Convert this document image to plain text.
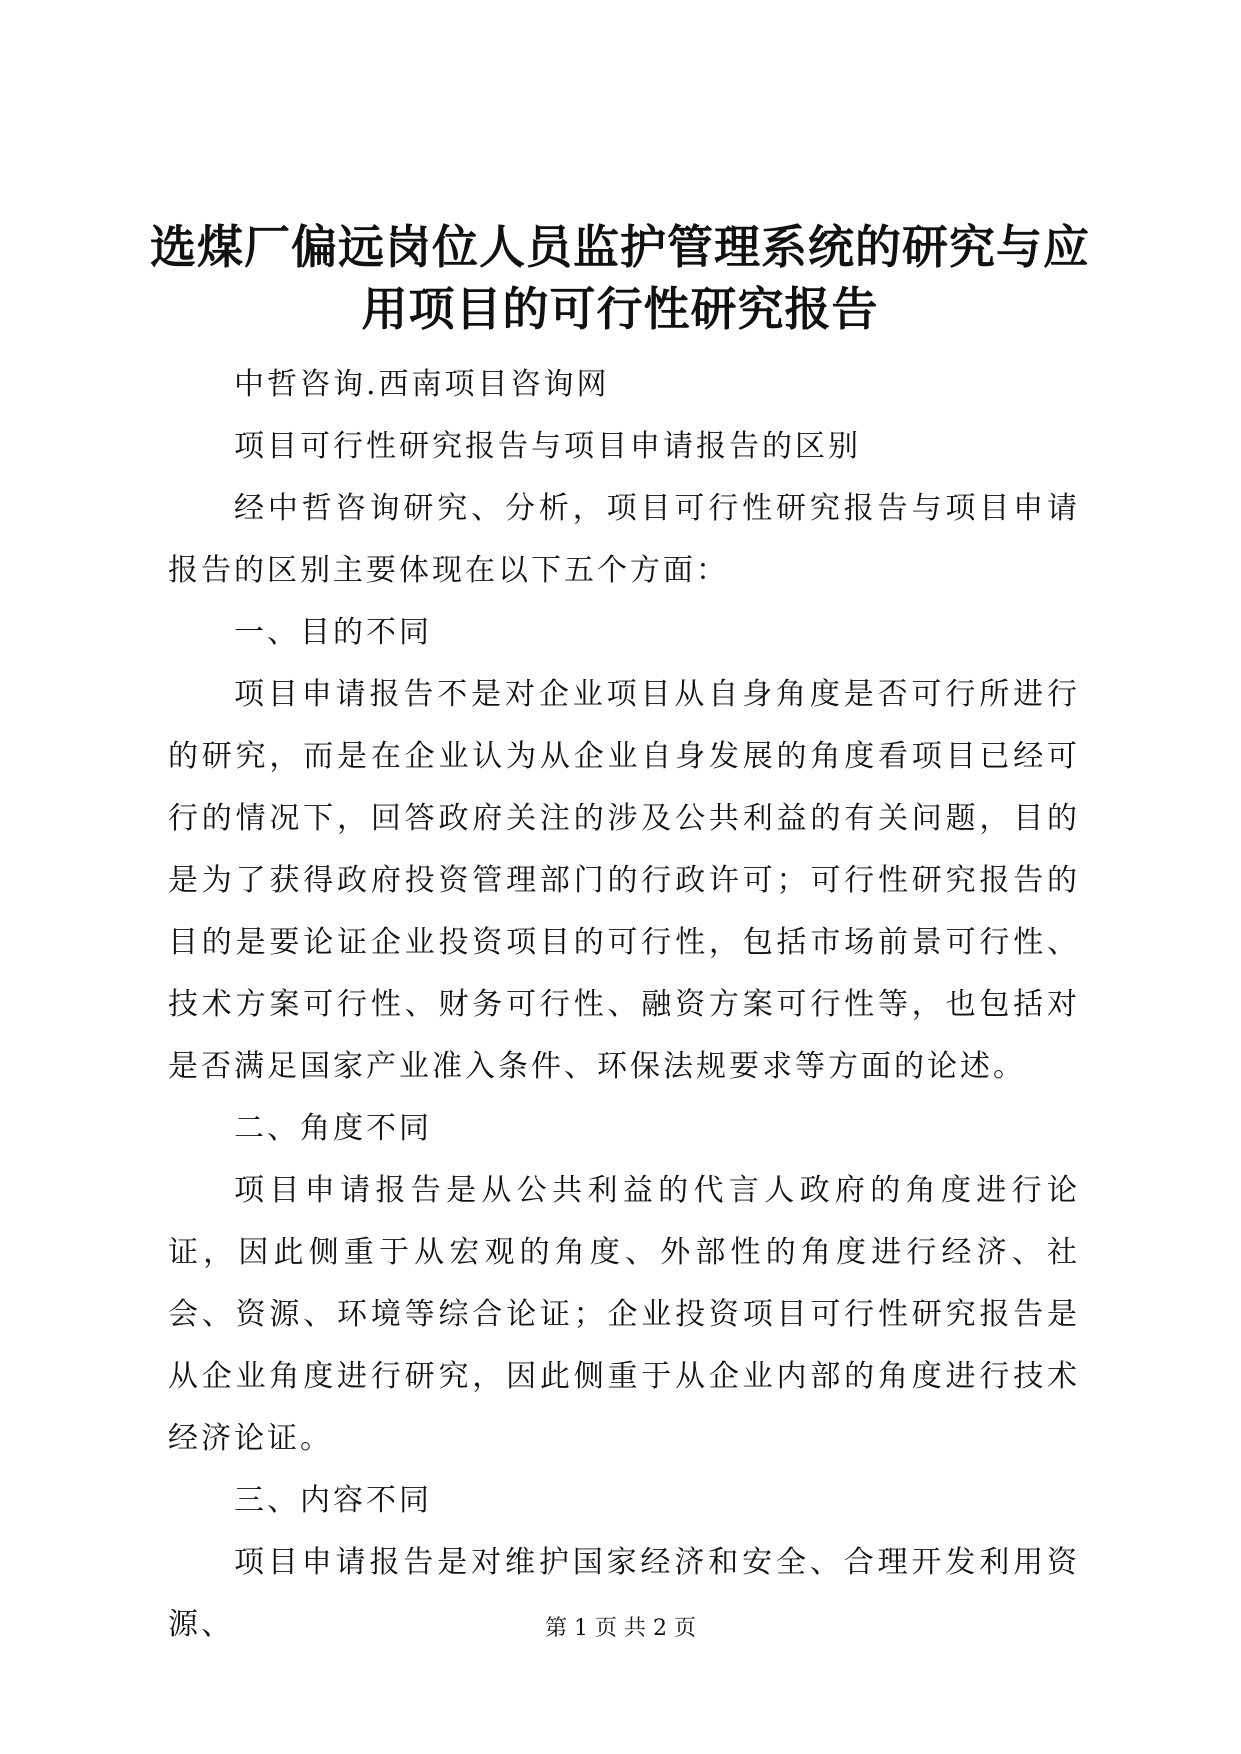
选煤厂偏远岗位人员监护管理系统的研究与应用项目的可行性研究报告

中哲咨询.西南项目咨询网

项目可行性研究报告与项目申请报告的区别

经中哲咨询研究、分析，项目可行性研究报告与项目申请报告的区别主要体现在以下五个方面：

一、目的不同

项目申请报告不是对企业项目从自身角度是否可行所进行的研究，而是在企业认为从企业自身发展的角度看项目已经可行的情况下，回答政府关注的涉及公共利益的有关问题，目的是为了获得政府投资管理部门的行政许可；可行性研究报告的目的是要论证企业投资项目的可行性，包括市场前景可行性、技术方案可行性、财务可行性、融资方案可行性等，也包括对是否满足国家产业准入条件、环保法规要求等方面的论述。

二、角度不同

项目申请报告是从公共利益的代言人政府的角度进行论证，因此侧重于从宏观的角度、外部性的角度进行经济、社会、资源、环境等综合论证；企业投资项目可行性研究报告是从企业角度进行研究，因此侧重于从企业内部的角度进行技术经济论证。

三、内容不同

项目申请报告是对维护国家经济和安全、合理开发利用资源、	第 1 页 共 2 页
